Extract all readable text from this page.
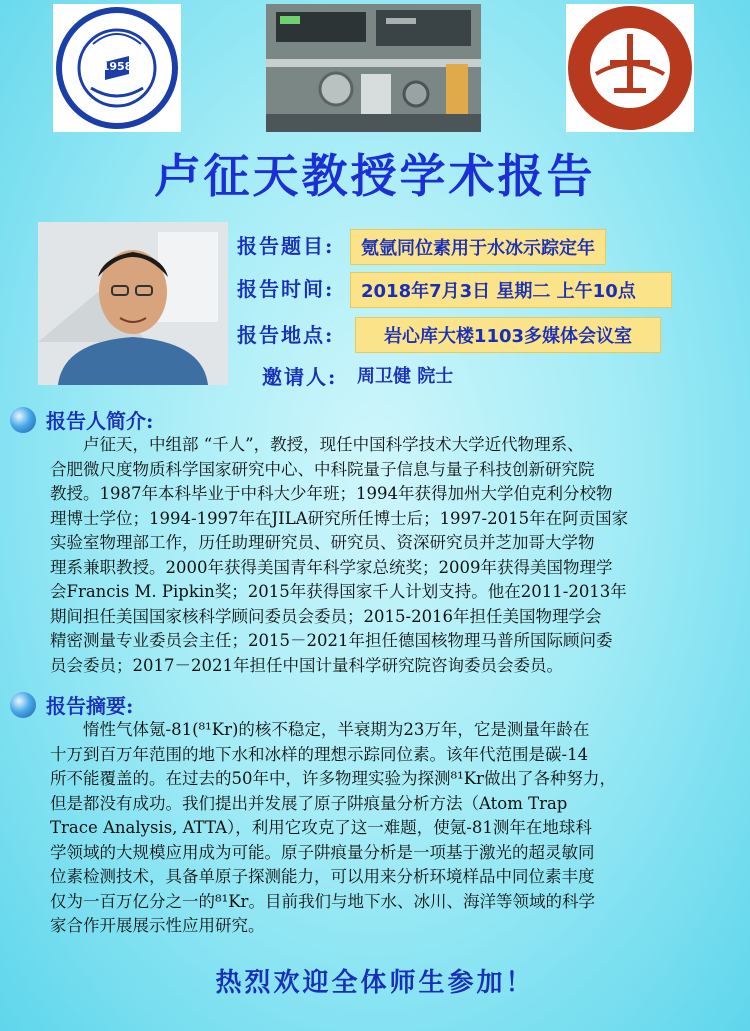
1958
卢征天教授学术报告
报告题目:	氪氩同位素用于水冰示踪定年
报告时间:	2018年7月3日 星期二 上午10点
报告地点:	岩心库大楼1103多媒体会议室
邀请人: 周卫健 院士
报告人简介:
　　卢征天，中组部 “千人”，教授，现任中国科学技术大学近代物理系、
合肥微尺度物质科学国家研究中心、中科院量子信息与量子科技创新研究院
教授。1987年本科毕业于中科大少年班；1994年获得加州大学伯克利分校物
理博士学位；1994-1997年在JILA研究所任博士后；1997-2015年在阿贡国家
实验室物理部工作，历任助理研究员、研究员、资深研究员并芝加哥大学物
理系兼职教授。2000年获得美国青年科学家总统奖；2009年获得美国物理学
会Francis M. Pipkin奖；2015年获得国家千人计划支持。他在2011-2013年
期间担任美国国家核科学顾问委员会委员；2015-2016年担任美国物理学会
精密测量专业委员会主任；2015－2021年担任德国核物理马普所国际顾问委
员会委员；2017－2021年担任中国计量科学研究院咨询委员会委员。
报告摘要:
　　惰性气体氪-81(⁸¹Kr)的核不稳定，半衰期为23万年，它是测量年龄在
十万到百万年范围的地下水和冰样的理想示踪同位素。该年代范围是碳-14
所不能覆盖的。在过去的50年中，许多物理实验为探测⁸¹Kr做出了各种努力，
但是都没有成功。我们提出并发展了原子阱痕量分析方法（Atom Trap
Trace Analysis, ATTA），利用它攻克了这一难题，使氪-81测年在地球科
学领域的大规模应用成为可能。原子阱痕量分析是一项基于激光的超灵敏同
位素检测技术，具备单原子探测能力，可以用来分析环境样品中同位素丰度
仅为一百万亿分之一的⁸¹Kr。目前我们与地下水、冰川、海洋等领域的科学
家合作开展展示性应用研究。
热烈欢迎全体师生参加！
